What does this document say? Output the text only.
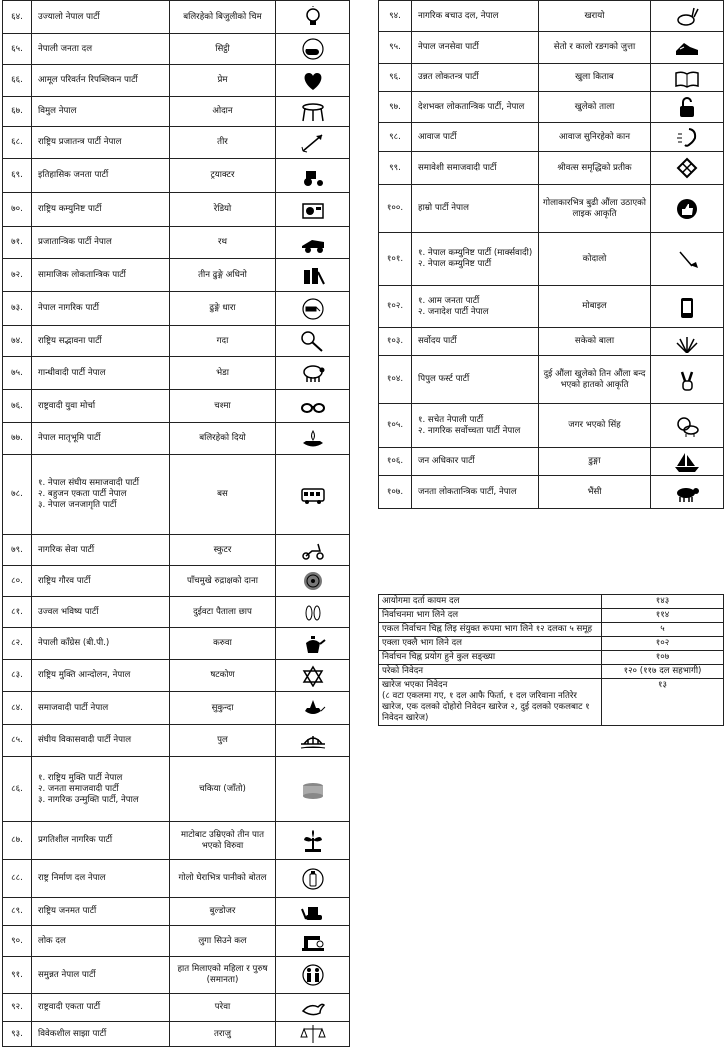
६४.	उज्यालो नेपाल पार्टी	बलिरहेको बिजुलीको चिम	

६५.	नेपाली जनता दल	सिट्ठी	

६६.	आमूल परिवर्तन रिपब्लिकन पार्टी	प्रेम	

६७.	विमुल नेपाल	ओदान	

६८.	राष्ट्रिय प्रजातन्त्र पार्टी नेपाल	तीर	

६९.	इतिहासिक जनता पार्टी	ट्रयाक्टर	

७०.	राष्ट्रिय कम्युनिष्ट पार्टी	रेडियो	

७१.	प्रजातान्त्रिक पार्टी नेपाल	रथ	

७२.	सामाजिक लोकतान्त्रिक पार्टी	तीन ढुङ्गे अधिनो	

७३.	नेपाल नागरिक पार्टी	ढुङ्गे धारा	

७४.	राष्ट्रिय सद्भावना पार्टी	गदा	

७५.	गान्धीवादी पार्टी नेपाल	भेडा	

७६.	राष्ट्रवादी युवा मोर्चा	चश्मा	

७७.	नेपाल मातृभूमि पार्टी	बलिरहेको दियो	

७८.	१. नेपाल संघीय समाजवादी पार्टी
२. बहुजन एकता पार्टी नेपाल
३. नेपाल जनजागृति पार्टी	बस	

७९.	नागरिक सेवा पार्टी	स्कुटर	

८०.	राष्ट्रिय गौरव पार्टी	पाँचमुखे रुद्राक्षको दाना	

८१.	उज्वल भविष्य पार्टी	दुईवटा पैताला छाप	

८२.	नेपाली काँग्रेस (बी.पी.)	करुवा	

८३.	राष्ट्रिय मुक्ति आन्दोलन, नेपाल	षटकोण	

८४.	समाजवादी पार्टी नेपाल	सुकुन्दा	

८५.	संघीय विकासवादी पार्टी नेपाल	पुल	

८६.	१. राष्ट्रिय मुक्ति पार्टी नेपाल
२. जनता समाजवादी पार्टी
३. नागरिक उन्मुक्ति पार्टी, नेपाल	चकिया (जाँतो)	

८७.	प्रगतिशील नागरिक पार्टी	माटोबाट उम्रिएको तीन पात भएको विरुवा	

८८.	राष्ट्र निर्माण दल नेपाल	गोलो घेराभित्र पानीको बोतल	

८९.	राष्ट्रिय जनमत पार्टी	बुल्डोजर	

९०.	लोक दल	लुगा सिउने कल	

९१.	समुन्नत नेपाल पार्टी	हात मिलाएको महिला र पुरुष (समानता)	

९२.	राष्ट्रवादी एकता पार्टी	परेवा	

९३.	विवेकशील साझा पार्टी	तराजु	
९४.	नागरिक बचाउ दल, नेपाल	खरायो	

९५.	नेपाल जनसेवा पार्टी	सेतो र कालो रङगको जुत्ता	

९६.	उन्नत लोकतन्त्र पार्टी	खुला किताब	

९७.	देशभक्त लोकतान्त्रिक पार्टी, नेपाल	खुलेको ताला	

९८.	आवाज पार्टी	आवाज सुनिरहेको कान	

९९.	समावेशी समाजवादी पार्टी	श्रीवत्स समृद्धिको प्रतीक	

१००.	हाम्रो पार्टी नेपाल	गोलाकारभित्र बुढी औंला उठाएको लाइक आकृति	

१०१.	१. नेपाल कम्युनिष्ट पार्टी (मार्क्सवादी)
२. नेपाल कम्युनिष्ट पार्टी	कोदालो	

१०२.	१. आम जनता पार्टी
२. जनादेश पार्टी नेपाल	मोबाइल	

१०३.	सर्वोदय पार्टी	सकेको बाला	

१०४.	पिपुल फर्स्ट पार्टी	दुई औंला खुलेको तिन औंला बन्द भएको हातको आकृति	

१०५.	१. सचेत नेपाली पार्टी
२. नागरिक सर्वोच्चता पार्टी नेपाल	जगर भएको सिंह	

१०६.	जन अधिकार पार्टी	डुङ्गा	

१०७.	जनता लोकतान्त्रिक पार्टी, नेपाल	भैंसी	
आयोगमा दर्ता कायम दल	१४३
निर्वाचनमा भाग लिने दल	११४
एकल निर्वाचन चिह्न लिइ संयुक्त रूपमा भाग लिने १२ दलका ५ समूह	५
एक्ला एक्लै भाग लिने दल	१०२
निर्वाचन चिह्न प्रयोग हुने कुल सङ्ख्या	१०७
परेको निवेदन	१२० (११७ दल सहभागी)
खारेज भएका निवेदन
(८ वटा एकलमा गए, १ दल आफै फिर्ता, १ दल जरिवाना नतिरेर खारेज, एक दलको दोहोरो निवेदन खारेज २, दुई दलको एकलबाट १ निवेदन खारेज)	१३
